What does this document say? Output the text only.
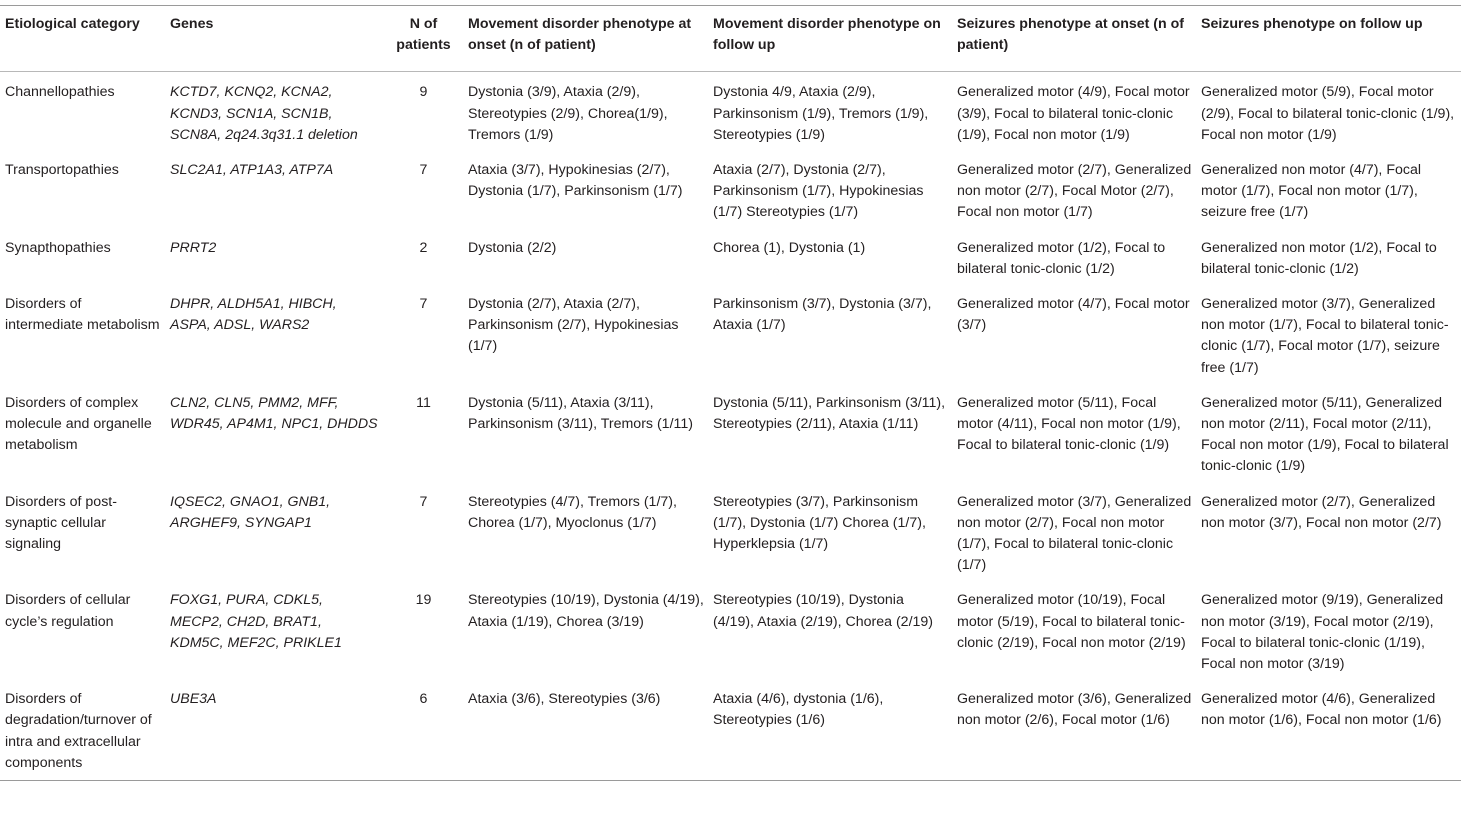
Etiological category	Genes	N of patients	Movement disorder phenotype at onset (n of patient)	Movement disorder phenotype on follow up	Seizures phenotype at onset (n of patient)	Seizures phenotype on follow up
Channellopathies	KCTD7, KCNQ2, KCNA2, KCND3, SCN1A, SCN1B, SCN8A, 2q24.3q31.1 deletion	9	Dystonia (3/9), Ataxia (2/9), Stereotypies (2/9), Chorea(1/9), Tremors (1/9)	Dystonia 4/9, Ataxia (2/9), Parkinsonism (1/9), Tremors (1/9), Stereotypies (1/9)	Generalized motor (4/9), Focal motor (3/9), Focal to bilateral tonic-clonic (1/9), Focal non motor (1/9)	Generalized motor (5/9), Focal motor (2/9), Focal to bilateral tonic-clonic (1/9), Focal non motor (1/9)
Transportopathies	SLC2A1, ATP1A3, ATP7A	7	Ataxia (3/7), Hypokinesias (2/7), Dystonia (1/7), Parkinsonism (1/7)	Ataxia (2/7), Dystonia (2/7), Parkinsonism (1/7), Hypokinesias (1/7) Stereotypies (1/7)	Generalized motor (2/7), Generalized non motor (2/7), Focal Motor (2/7), Focal non motor (1/7)	Generalized non motor (4/7), Focal motor (1/7), Focal non motor (1/7), seizure free (1/7)
Synapthopathies	PRRT2	2	Dystonia (2/2)	Chorea (1), Dystonia (1)	Generalized motor (1/2), Focal to bilateral tonic-clonic (1/2)	Generalized non motor (1/2), Focal to bilateral tonic-clonic (1/2)
Disorders of intermediate metabolism	DHPR, ALDH5A1, HIBCH, ASPA, ADSL, WARS2	7	Dystonia (2/7), Ataxia (2/7), Parkinsonism (2/7), Hypokinesias (1/7)	Parkinsonism (3/7), Dystonia (3/7), Ataxia (1/7)	Generalized motor (4/7), Focal motor (3/7)	Generalized motor (3/7), Generalized non motor (1/7), Focal to bilateral tonic-clonic (1/7), Focal motor (1/7), seizure free (1/7)
Disorders of complex molecule and organelle metabolism	CLN2, CLN5, PMM2, MFF, WDR45, AP4M1, NPC1, DHDDS	11	Dystonia (5/11), Ataxia (3/11), Parkinsonism (3/11), Tremors (1/11)	Dystonia (5/11), Parkinsonism (3/11), Stereotypies (2/11), Ataxia (1/11)	Generalized motor (5/11), Focal motor (4/11), Focal non motor (1/9), Focal to bilateral tonic-clonic (1/9)	Generalized motor (5/11), Generalized non motor (2/11), Focal motor (2/11), Focal non motor (1/9), Focal to bilateral tonic-clonic (1/9)
Disorders of post-synaptic cellular signaling	IQSEC2, GNAO1, GNB1, ARGHEF9, SYNGAP1	7	Stereotypies (4/7), Tremors (1/7), Chorea (1/7), Myoclonus (1/7)	Stereotypies (3/7), Parkinsonism (1/7), Dystonia (1/7) Chorea (1/7), Hyperklepsia (1/7)	Generalized motor (3/7), Generalized non motor (2/7), Focal non motor (1/7), Focal to bilateral tonic-clonic (1/7)	Generalized motor (2/7), Generalized non motor (3/7), Focal non motor (2/7)
Disorders of cellular cycle’s regulation	FOXG1, PURA, CDKL5, MECP2, CH2D, BRAT1, KDM5C, MEF2C, PRIKLE1	19	Stereotypies (10/19), Dystonia (4/19), Ataxia (1/19), Chorea (3/19)	Stereotypies (10/19), Dystonia (4/19), Ataxia (2/19), Chorea (2/19)	Generalized motor (10/19), Focal motor (5/19), Focal to bilateral tonic-clonic (2/19), Focal non motor (2/19)	Generalized motor (9/19), Generalized non motor (3/19), Focal motor (2/19), Focal to bilateral tonic-clonic (1/19), Focal non motor (3/19)
Disorders of degradation/turnover of intra and extracellular components	UBE3A	6	Ataxia (3/6), Stereotypies (3/6)	Ataxia (4/6), dystonia (1/6), Stereotypies (1/6)	Generalized motor (3/6), Generalized non motor (2/6), Focal motor (1/6)	Generalized motor (4/6), Generalized non motor (1/6), Focal non motor (1/6)
